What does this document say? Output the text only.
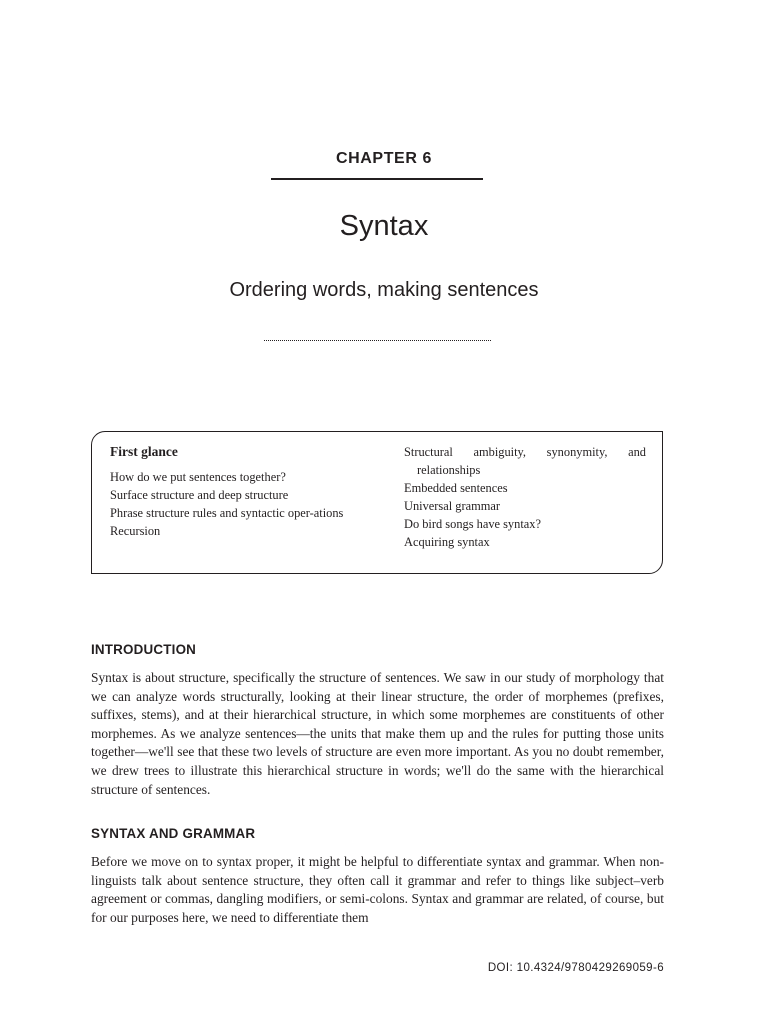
CHAPTER 6
Syntax
Ordering words, making sentences
First glance

How do we put sentences together?

Surface structure and deep structure

Phrase structure rules and syntactic oper-ations

Recursion

Structural ambiguity, synonymity, and relationships

Embedded sentences

Universal grammar

Do bird songs have syntax?

Acquiring syntax

INTRODUCTION

Syntax is about structure, specifically the structure of sentences. We saw in our study of morphology that we can analyze words structurally, looking at their linear structure, the order of morphemes (prefixes, suffixes, stems), and at their hierarchical structure, in which some morphemes are constituents of other morphemes. As we analyze sentences—the units that make them up and the rules for putting those units together—we'll see that these two levels of structure are even more important. As you no doubt remember, we drew trees to illustrate this hierarchical structure in words; we'll do the same with the hierarchical structure of sentences.

SYNTAX AND GRAMMAR

Before we move on to syntax proper, it might be helpful to differentiate syntax and grammar. When non-linguists talk about sentence structure, they often call it grammar and refer to things like subject–verb agreement or commas, dangling modifiers, or semi-colons. Syntax and grammar are related, of course, but for our purposes here, we need to differentiate them

DOI: 10.4324/9780429269059-6
